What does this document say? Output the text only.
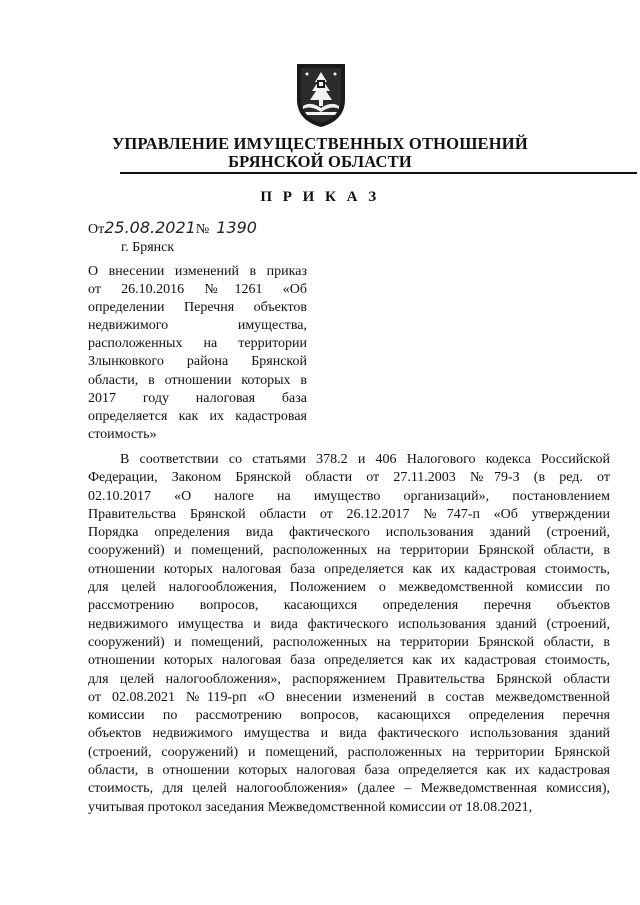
УПРАВЛЕНИЕ ИМУЩЕСТВЕННЫХ ОТНОШЕНИЙ
БРЯНСКОЙ ОБЛАСТИ
П Р И К А З
От25.08.2021№ 1390
г. Брянск
О внесении изменений в приказ
от 26.10.2016 №1261 «Об
определении Перечня объектов
недвижимого имущества,
расположенных на территории
Злынковкого района Брянской
области, в отношении которых в
2017 году налоговая база
определяется как их кадастровая
стоимость»
В соответствии со статьями 378.2 и 406 Налогового кодекса Российской
Федерации, Законом Брянской области от 27.11.2003 №79-З (в ред. от
02.10.2017 «О налоге на имущество организаций», постановлением
Правительства Брянской области от 26.12.2017 №747-п «Об утверждении
Порядка определения вида фактического использования зданий (строений,
сооружений) и помещений, расположенных на территории Брянской области, в
отношении которых налоговая база определяется как их кадастровая стоимость,
для целей налогообложения, Положением о межведомственной комиссии по
рассмотрению вопросов, касающихся определения перечня объектов
недвижимого имущества и вида фактического использования зданий (строений,
сооружений) и помещений, расположенных на территории Брянской области, в
отношении которых налоговая база определяется как их кадастровая стоимость,
для целей налогообложения», распоряжением Правительства Брянской области
от 02.08.2021 №119-рп «О внесении изменений в состав межведомственной
комиссии по рассмотрению вопросов, касающихся определения перечня
объектов недвижимого имущества и вида фактического использования зданий
(строений, сооружений) и помещений, расположенных на территории Брянской
области, в отношении которых налоговая база определяется как их кадастровая
стоимость, для целей налогообложения» (далее – Межведомственная комиссия),
учитывая протокол заседания Межведомственной комиссии от 18.08.2021,
